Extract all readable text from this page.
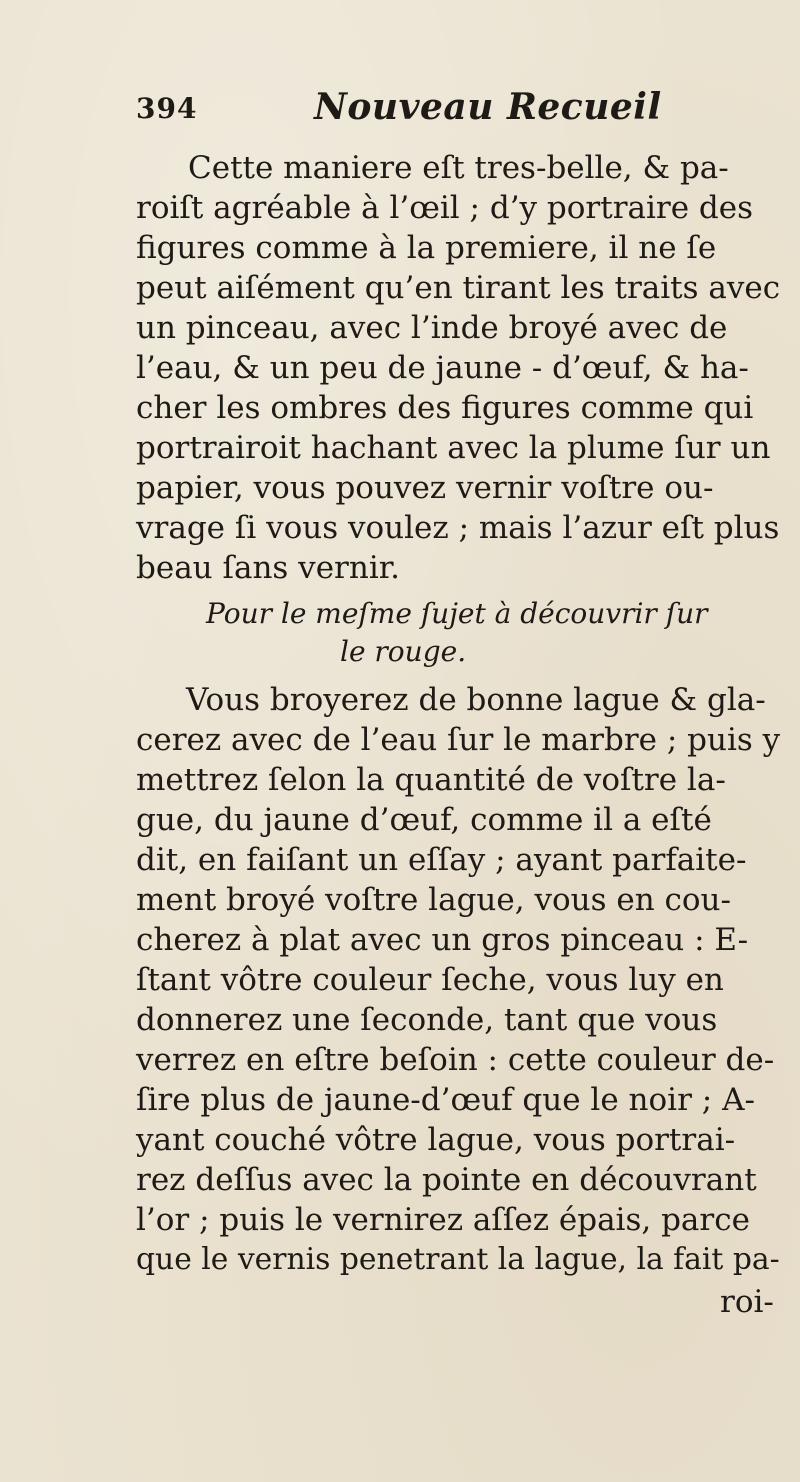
394	Nouveau Recueil
Cette maniere eſt tres-belle, & pa-
roiſt agréable à l’œil ; d’y portraire des
figures comme à la premiere, il ne ſe
peut aiſément qu’en tirant les traits avec
un pinceau, avec l’inde broyé avec de
l’eau, & un peu de jaune - d’œuf, & ha-
cher les ombres des figures comme qui
portrairoit hachant avec la plume ſur un
papier, vous pouvez vernir voſtre ou-
vrage ſi vous voulez ; mais l’azur eſt plus
beau ſans vernir.
Pour le meſme ſujet à découvrir ſur
le rouge.
Vous broyerez de bonne lague & gla-
cerez avec de l’eau ſur le marbre ; puis y
mettrez ſelon la quantité de voſtre la-
gue, du jaune d’œuf, comme il a eſté
dit, en faiſant un eſſay ; ayant parfaite-
ment broyé voſtre lague, vous en cou-
cherez à plat avec un gros pinceau : E-
ſtant vôtre couleur ſeche, vous luy en
donnerez une ſeconde, tant que vous
verrez en eſtre beſoin : cette couleur de-
ſire plus de jaune-d’œuf que le noir ; A-
yant couché vôtre lague, vous portrai-
rez deſſus avec la pointe en découvrant
l’or ; puis le vernirez aſſez épais, parce
que le vernis penetrant la lague, la fait pa-
roi-
